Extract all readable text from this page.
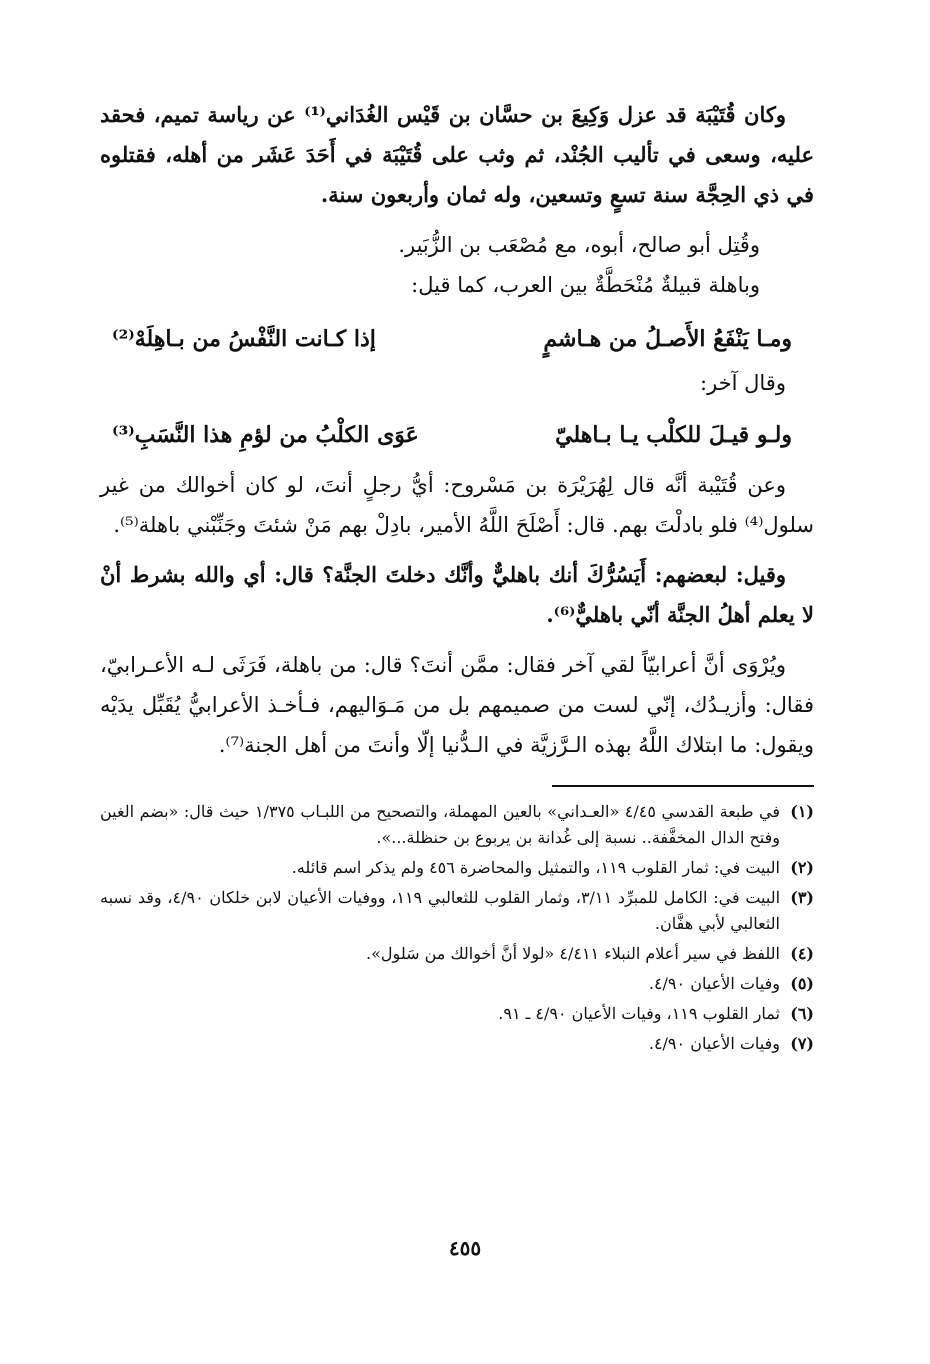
وكان قُتَيْبَة قد عزل وَكِيعَ بن حسَّان بن قَيْس الغُدَاني⁽¹⁾ عن رياسة تميم، فحقد عليه، وسعى في تأليب الجُنْد، ثم وثب على قُتَيْبَة في أَحَدَ عَشَر من أهله، فقتلوه في ذي الحِجَّة سنة تسعٍ وتسعين، وله ثمان وأربعون سنة.

وقُتِل أبو صالح، أبوه، مع مُصْعَب بن الزُّبَير.

وباهلة قبيلةٌ مُنْحَطَّةٌ بين العرب، كما قيل:

ومـا يَنْفَعُ الأَصـلُ من هـاشمٍ
إذا كـانت النَّفْسُ من بـاهِلَهْ⁽²⁾
وقال آخر:
ولـو قيـلَ للكلْب يـا بـاهليّ
عَوَى الكلْبُ من لؤمِ هذا النَّسَبِ⁽³⁾

وعن قُتَيْبة أنَّه قال لِهُرَيْرَة بن مَسْروح: أيُّ رجلٍ أنتَ، لو كان أخوالك من غير سلول⁽⁴⁾ فلو بادلْتَ بهم. قال: أَصْلَحَ اللَّهُ الأمير، بادِلْ بهم مَنْ شئتَ وجَنِّبْني باهلة⁽⁵⁾.

وقيل: لبعضهم: أَيَسُرُّكَ أنك باهليٌّ وأنَّك دخلتَ الجنَّة؟ قال: أي والله بشرط أنْ لا يعلم أهلُ الجنَّة أنّي باهليٌّ⁽⁶⁾.

ويُرْوَى أنَّ أعرابيّاً لقي آخر فقال: ممَّن أنتَ؟ قال: من باهلة، فَرَثَى لـه الأعـرابيّ، فقال: وأزيـدُك، إنّي لست من صميمهم بل من مَـوَاليهم، فـأخـذ الأعرابيُّ يُقَبِّل يدَيْه ويقول: ما ابتلاك اللَّهُ بهذه الـرَّزيَّة في الـدُّنيا إلّا وأنتَ من أهل الجنة⁽⁷⁾.

(١)
في طبعة القدسي ٤/٤٥ «العـداني» بالعين المهملة، والتصحيح من اللبـاب ١/٣٧٥ حيث قال: «بضم الغين وفتح الدال المخفَّفة.. نسبة إلى غُدانة بن يربوع بن حنظلة...».
(٢)
البيت في: ثمار القلوب ١١٩، والتمثيل والمحاضرة ٤٥٦ ولم يذكر اسم قائله.
(٣)
البيت في: الكامل للمبرِّد ٣/١١، وثمار القلوب للثعالبي ١١٩، ووفيات الأعيان لابن خلكان ٤/٩٠، وقد نسبه الثعالبي لأبي هفَّان.
(٤)
اللفظ في سير أعلام النبلاء ٤/٤١١ «لولا أنَّ أخوالك من سَلول».
(٥)
وفيات الأعيان ٤/٩٠.
(٦)
ثمار القلوب ١١٩، وفيات الأعيان ٤/٩٠ ـ ٩١.
(٧)
وفيات الأعيان ٤/٩٠.
٤٥٥
